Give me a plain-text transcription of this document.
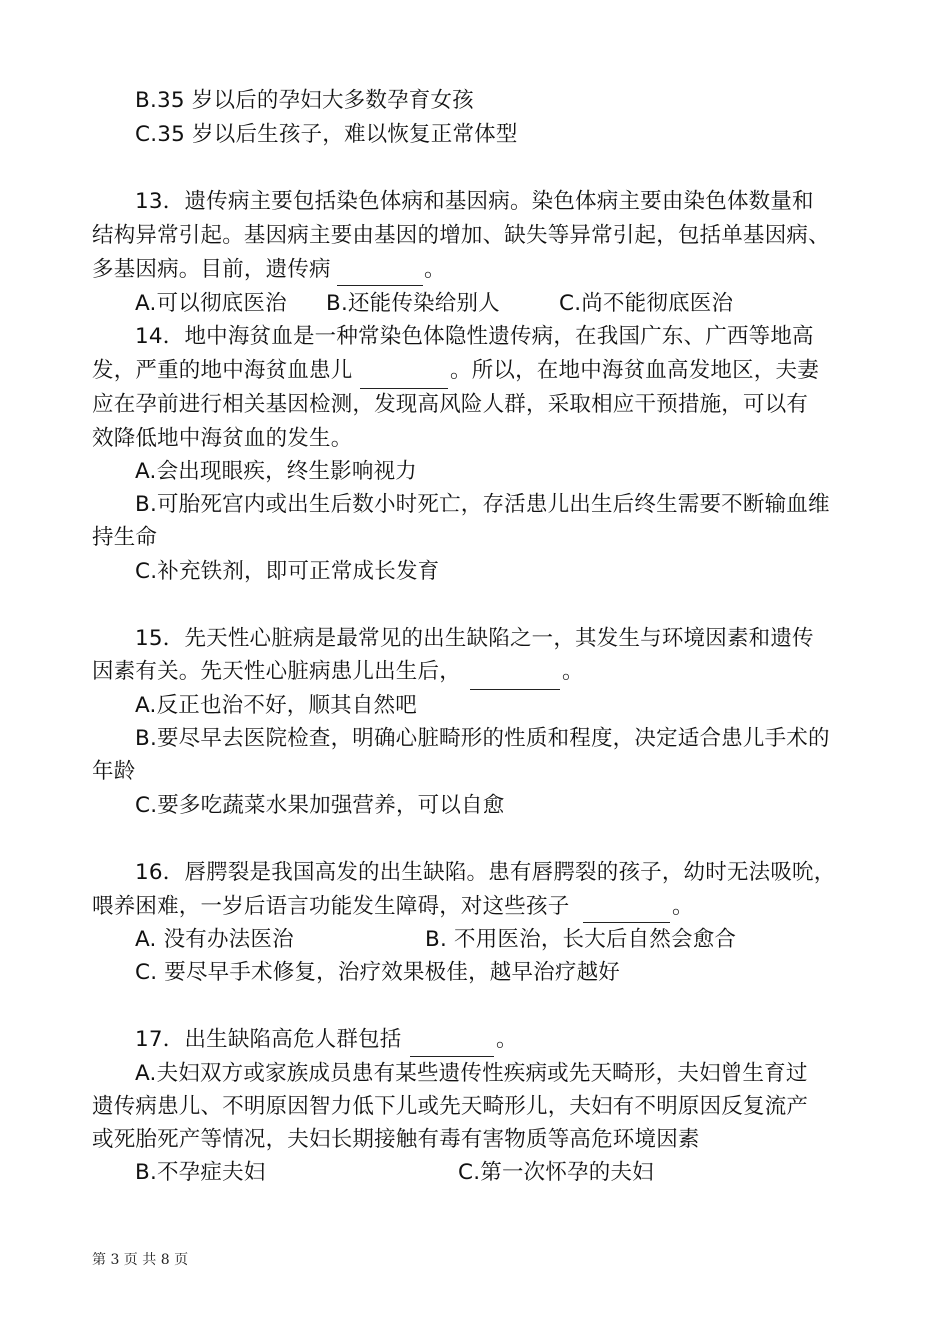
B.35 岁以后的孕妇大多数孕育女孩
C.35 岁以后生孩子，难以恢复正常体型
13．遗传病主要包括染色体病和基因病。染色体病主要由染色体数量和
结构异常引起。基因病主要由基因的增加、缺失等异常引起，包括单基因病、
多基因病。目前，遗传病	。
A.可以彻底医治 B.还能传染给别人	C.尚不能彻底医治
14．地中海贫血是一种常染色体隐性遗传病，在我国广东、广西等地高
发，严重的地中海贫血患儿	。所以，在地中海贫血高发地区，夫妻
应在孕前进行相关基因检测，发现高风险人群，采取相应干预措施，可以有
效降低地中海贫血的发生。
A.会出现眼疾，终生影响视力
B.可胎死宫内或出生后数小时死亡，存活患儿出生后终生需要不断输血维
持生命
C.补充铁剂，即可正常成长发育
15．先天性心脏病是最常见的出生缺陷之一，其发生与环境因素和遗传
因素有关。先天性心脏病患儿出生后，	。
A.反正也治不好，顺其自然吧
B.要尽早去医院检查，明确心脏畸形的性质和程度，决定适合患儿手术的
年龄
C.要多吃蔬菜水果加强营养，可以自愈
16．唇腭裂是我国高发的出生缺陷。患有唇腭裂的孩子，幼时无法吸吮，
喂养困难，一岁后语言功能发生障碍，对这些孩子	。
A. 没有办法医治	B. 不用医治，长大后自然会愈合
C. 要尽早手术修复，治疗效果极佳，越早治疗越好
17．出生缺陷高危人群包括	。
A.夫妇双方或家族成员患有某些遗传性疾病或先天畸形，夫妇曾生育过
遗传病患儿、不明原因智力低下儿或先天畸形儿，夫妇有不明原因反复流产
或死胎死产等情况，夫妇长期接触有毒有害物质等高危环境因素
B.不孕症夫妇	C.第一次怀孕的夫妇
第 3 页 共 8 页
